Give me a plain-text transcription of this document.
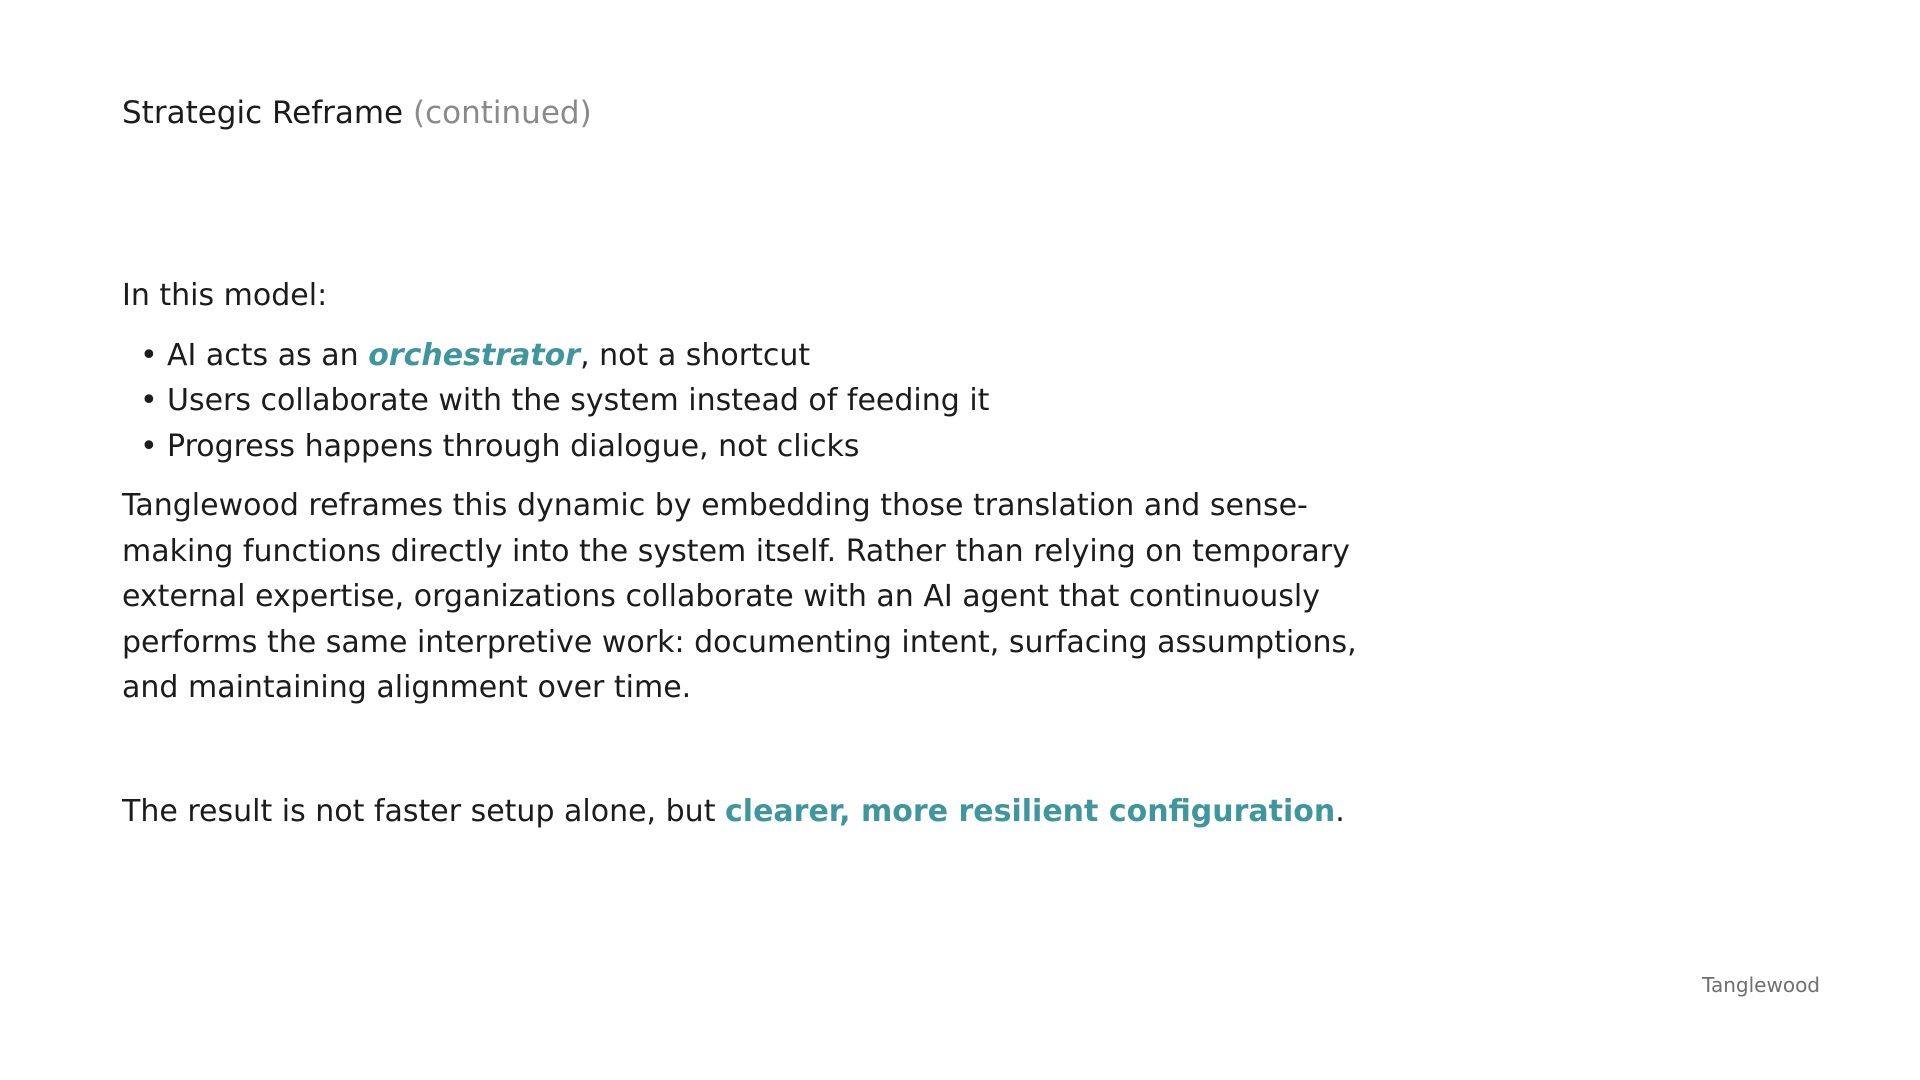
Strategic Reframe (continued)

In this model:

• AI acts as an orchestrator, not a shortcut
• Users collaborate with the system instead of feeding it
• Progress happens through dialogue, not clicks

Tanglewood reframes this dynamic by embedding those translation and sense-making functions directly into the system itself. Rather than relying on temporary external expertise, organizations collaborate with an AI agent that continuously performs the same interpretive work: documenting intent, surfacing assumptions, and maintaining alignment over time.

The result is not faster setup alone, but clearer, more resilient configuration.

Tanglewood
